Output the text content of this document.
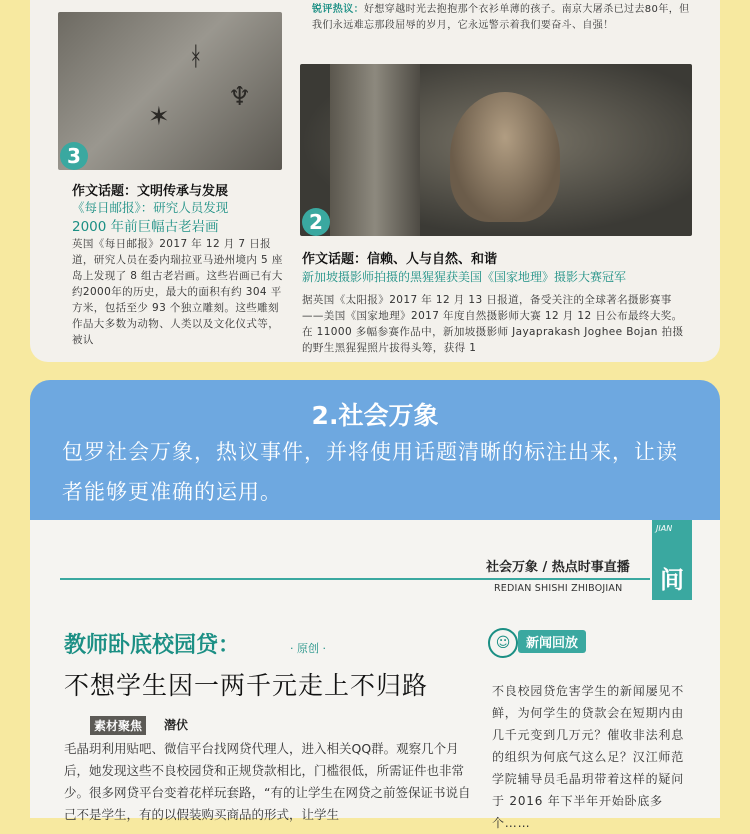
锐评热议：好想穿越时光去抱抱那个衣衫单薄的孩子。南京大屠杀已过去80年，但我们永远难忘那段屈辱的岁月，它永远警示着我们要奋斗、自强！
ᚼ
♆
✶
3
作文话题：文明传承与发展
《每日邮报》：研究人员发现
2000 年前巨幅古老岩画
英国《每日邮报》2017 年 12 月 7 日报道，研究人员在委内瑞拉亚马逊州境内 5 座岛上发现了 8 组古老岩画。这些岩画已有大约2000年的历史，最大的面积有约 304 平方米，包括至少 93 个独立雕刻。这些雕刻作品大多数为动物、人类以及文化仪式等，被认
2
作文话题：信赖、人与自然、和谐
新加坡摄影师拍摄的黑猩猩获美国《国家地理》摄影大赛冠军
据英国《太阳报》2017 年 12 月 13 日报道，备受关注的全球著名摄影赛事——美国《国家地理》2017 年度自然摄影师大赛 12 月 12 日公布最终大奖。在 11000 多幅参赛作品中，新加坡摄影师 Jayaprakash Joghee Bojan 拍摄的野生黑猩猩照片拔得头筹，获得 1
2.社会万象
包罗社会万象，热议事件，并将使用话题清晰的标注出来，让读者能够更准确的运用。
间
JIAN
社会万象 / 热点时事直播
REDIAN SHISHI ZHIBOJIAN
教师卧底校园贷：	· 原创 ·
不想学生因一两千元走上不归路
素材聚焦	潜伏
毛晶玥利用贴吧、微信平台找网贷代理人，进入相关QQ群。观察几个月后，她发现这些不良校园贷和正规贷款相比，门槛很低，所需证件也非常少。很多网贷平台变着花样玩套路，“有的让学生在网贷之前签保证书说自己不是学生，有的以假装购买商品的形式，让学生
☺	新闻回放
不良校园贷危害学生的新闻屡见不鲜，为何学生的贷款会在短期内由几千元变到几万元？催收非法利息的组织为何底气这么足？汉江师范学院辅导员毛晶玥带着这样的疑问于 2016 年下半年开始卧底多个……
